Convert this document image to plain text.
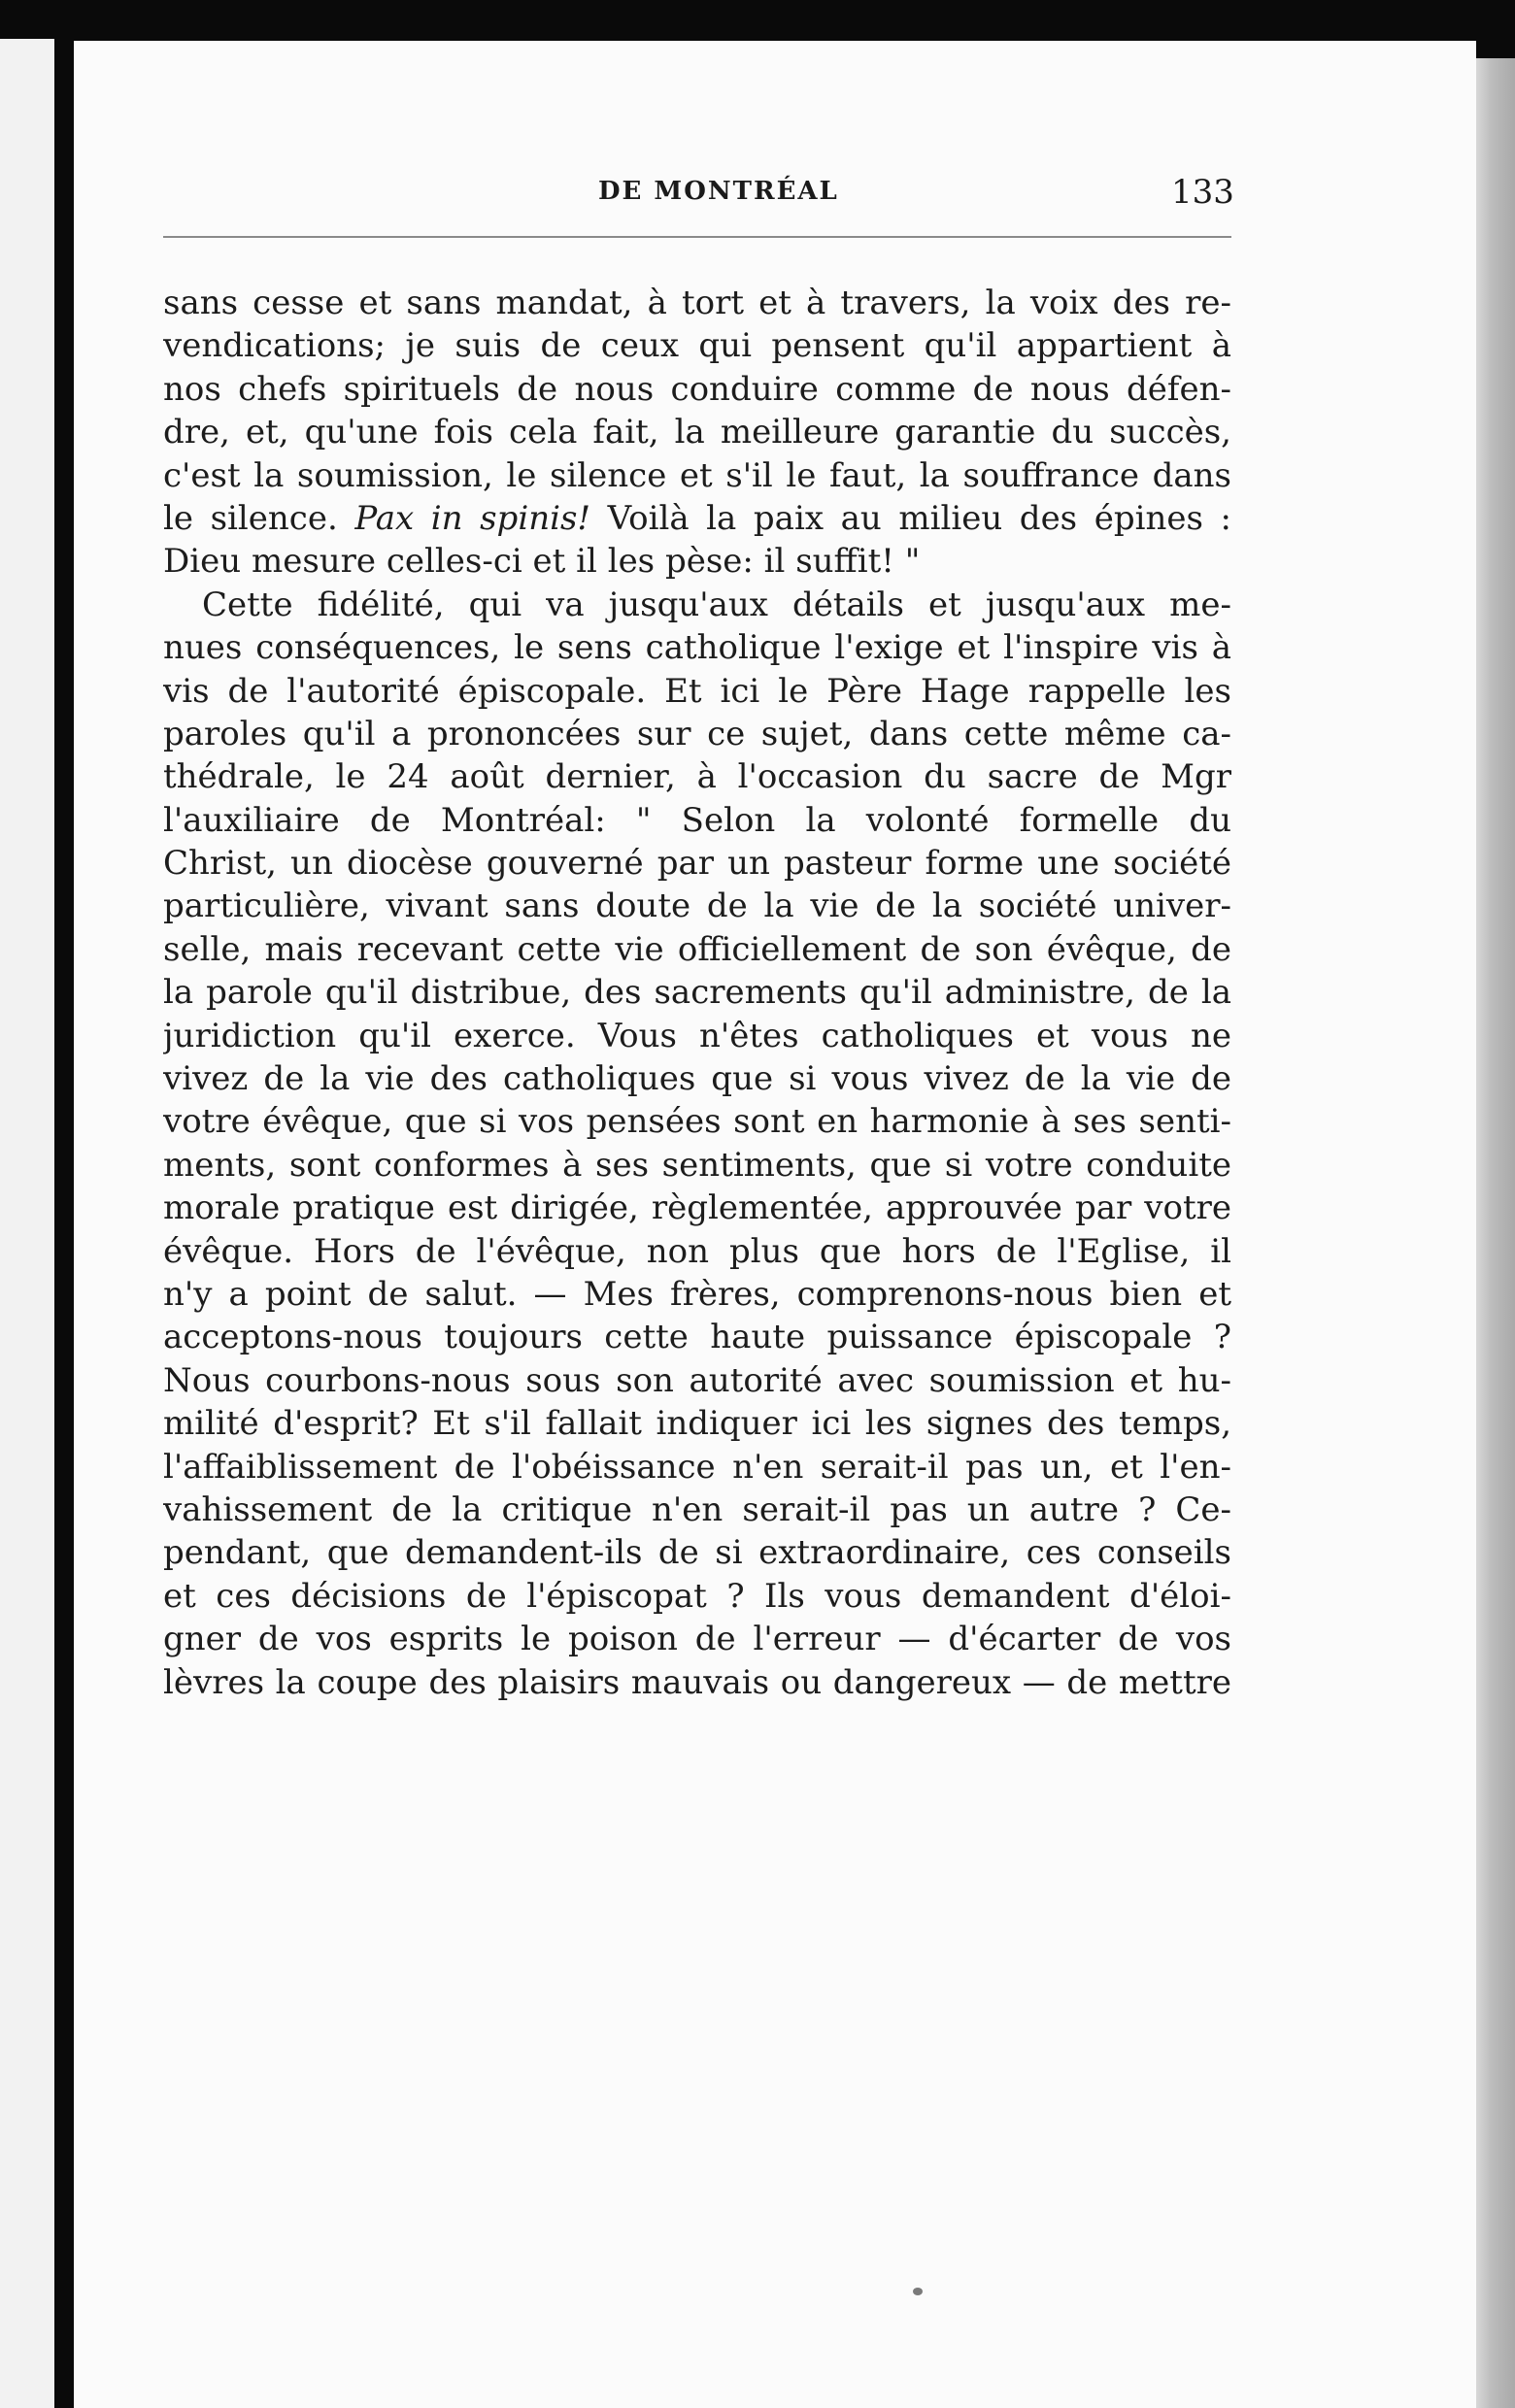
DE MONTRÉAL	133
sans cesse et sans mandat, à tort et à travers, la voix des re-
vendications; je suis de ceux qui pensent qu'il appartient à
nos chefs spirituels de nous conduire comme de nous défen-
dre, et, qu'une fois cela fait, la meilleure garantie du succès,
c'est la soumission, le silence et s'il le faut, la souffrance dans
le silence. Pax in spinis! Voilà la paix au milieu des épines :
Dieu mesure celles-ci et il les pèse: il suffit! "
Cette fidélité, qui va jusqu'aux détails et jusqu'aux me-
nues conséquences, le sens catholique l'exige et l'inspire vis à
vis de l'autorité épiscopale. Et ici le Père Hage rappelle les
paroles qu'il a prononcées sur ce sujet, dans cette même ca-
thédrale, le 24 août dernier, à l'occasion du sacre de Mgr
l'auxiliaire de Montréal: " Selon la volonté formelle du
Christ, un diocèse gouverné par un pasteur forme une société
particulière, vivant sans doute de la vie de la société univer-
selle, mais recevant cette vie officiellement de son évêque, de
la parole qu'il distribue, des sacrements qu'il administre, de la
juridiction qu'il exerce. Vous n'êtes catholiques et vous ne
vivez de la vie des catholiques que si vous vivez de la vie de
votre évêque, que si vos pensées sont en harmonie à ses senti-
ments, sont conformes à ses sentiments, que si votre conduite
morale pratique est dirigée, règlementée, approuvée par votre
évêque. Hors de l'évêque, non plus que hors de l'Eglise, il
n'y a point de salut. — Mes frères, comprenons-nous bien et
acceptons-nous toujours cette haute puissance épiscopale ?
Nous courbons-nous sous son autorité avec soumission et hu-
milité d'esprit? Et s'il fallait indiquer ici les signes des temps,
l'affaiblissement de l'obéissance n'en serait-il pas un, et l'en-
vahissement de la critique n'en serait-il pas un autre ? Ce-
pendant, que demandent-ils de si extraordinaire, ces conseils
et ces décisions de l'épiscopat ? Ils vous demandent d'éloi-
gner de vos esprits le poison de l'erreur — d'écarter de vos
lèvres la coupe des plaisirs mauvais ou dangereux — de mettre
